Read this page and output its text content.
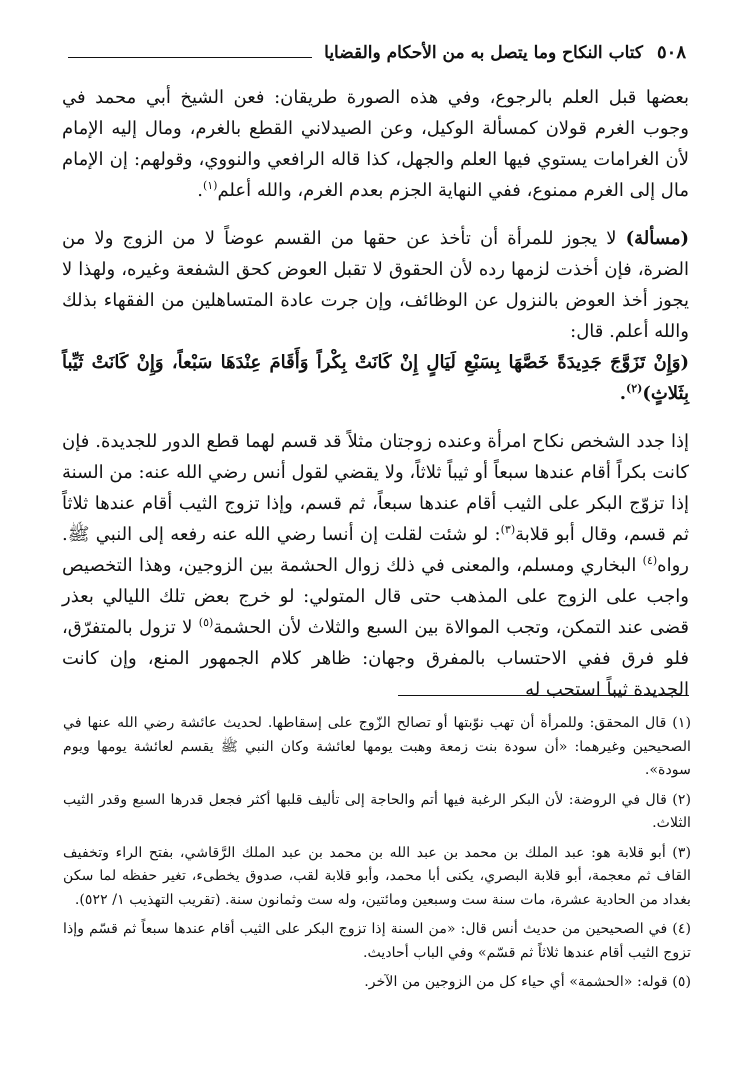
٥٠٨
كتاب النكاح وما يتصل به من الأحكام والقضايا

بعضها قبل العلم بالرجوع، وفي هذه الصورة طريقان: فعن الشيخ أبي محمد في وجوب الغرم قولان كمسألة الوكيل، وعن الصيدلاني القطع بالغرم، ومال إليه الإمام لأن الغرامات يستوي فيها العلم والجهل، كذا قاله الرافعي والنووي، وقولهم: إن الإمام مال إلى الغرم ممنوع، ففي النهاية الجزم بعدم الغرم، والله أعلم$^{(١)}$.

(مسألة) لا يجوز للمرأة أن تأخذ عن حقها من القسم عوضاً لا من الزوج ولا من الضرة، فإن أخذت لزمها رده لأن الحقوق لا تقبل العوض كحق الشفعة وغيره، ولهذا لا يجوز أخذ العوض بالنزول عن الوظائف، وإن جرت عادة المتساهلين من الفقهاء بذلك والله أعلم. قال:

(وَإِنْ تَزَوَّجَ جَدِيدَةً خَصَّهَا بِسَبْعِ لَيَالٍ إِنْ كَانَتْ بِكْراً وَأَقَامَ عِنْدَهَا سَبْعاً، وَإِنْ كَانَتْ ثَيِّباً بِثَلاثٍ)$^{(٢)}$.

إذا جدد الشخص نكاح امرأة وعنده زوجتان مثلاً قد قسم لهما قطع الدور للجديدة. فإن كانت بكراً أقام عندها سبعاً أو ثيباً ثلاثاً، ولا يقضي لقول أنس رضي الله عنه: من السنة إذا تزوّج البكر على الثيب أقام عندها سبعاً، ثم قسم، وإذا تزوج الثيب أقام عندها ثلاثاً ثم قسم، وقال أبو قلابة$^{(٣)}$: لو شئت لقلت إن أنسا رضي الله عنه رفعه إلى النبي ﷺ. رواه$^{(٤)}$ البخاري ومسلم، والمعنى في ذلك زوال الحشمة بين الزوجين، وهذا التخصيص واجب على الزوج على المذهب حتى قال المتولي: لو خرج بعض تلك الليالي بعذر قضى عند التمكن، وتجب الموالاة بين السبع والثلاث لأن الحشمة$^{(٥)}$ لا تزول بالمتفرّق، فلو فرق ففي الاحتساب بالمفرق وجهان: ظاهر كلام الجمهور المنع، وإن كانت الجديدة ثيباً استحب له

(١) قال المحقق: وللمرأة أن تهب نوّبتها أو تصالح الزّوج على إسقاطها. لحديث عائشة رضي الله عنها في الصحيحين وغيرهما: «أن سودة بنت زمعة وهبت يومها لعائشة وكان النبي ﷺ يقسم لعائشة يومها ويوم سودة».

(٢) قال في الروضة: لأن البكر الرغبة فيها أتم والحاجة إلى تأليف قلبها أكثر فجعل قدرها السبع وقدر الثيب الثلاث.

(٣) أبو قلابة هو: عبد الملك بن محمد بن عبد الله بن محمد بن عبد الملك الرَّقاشي، بفتح الراء وتخفيف القاف ثم معجمة، أبو قلابة البصري، يكنى أبا محمد، وأبو قلابة لقب، صدوق يخطىء، تغير حفظه لما سكن بغداد من الحادية عشرة، مات سنة ست وسبعين ومائتين، وله ست وثمانون سنة. (تقريب التهذيب ١/ ٥٢٢).

(٤) في الصحيحين من حديث أنس قال: «من السنة إذا تزوج البكر على الثيب أقام عندها سبعاً ثم قسّم وإذا تزوج الثيب أقام عندها ثلاثاً ثم قسّم» وفي الباب أحاديث.

(٥) قوله: «الحشمة» أي حياء كل من الزوجين من الآخر.
